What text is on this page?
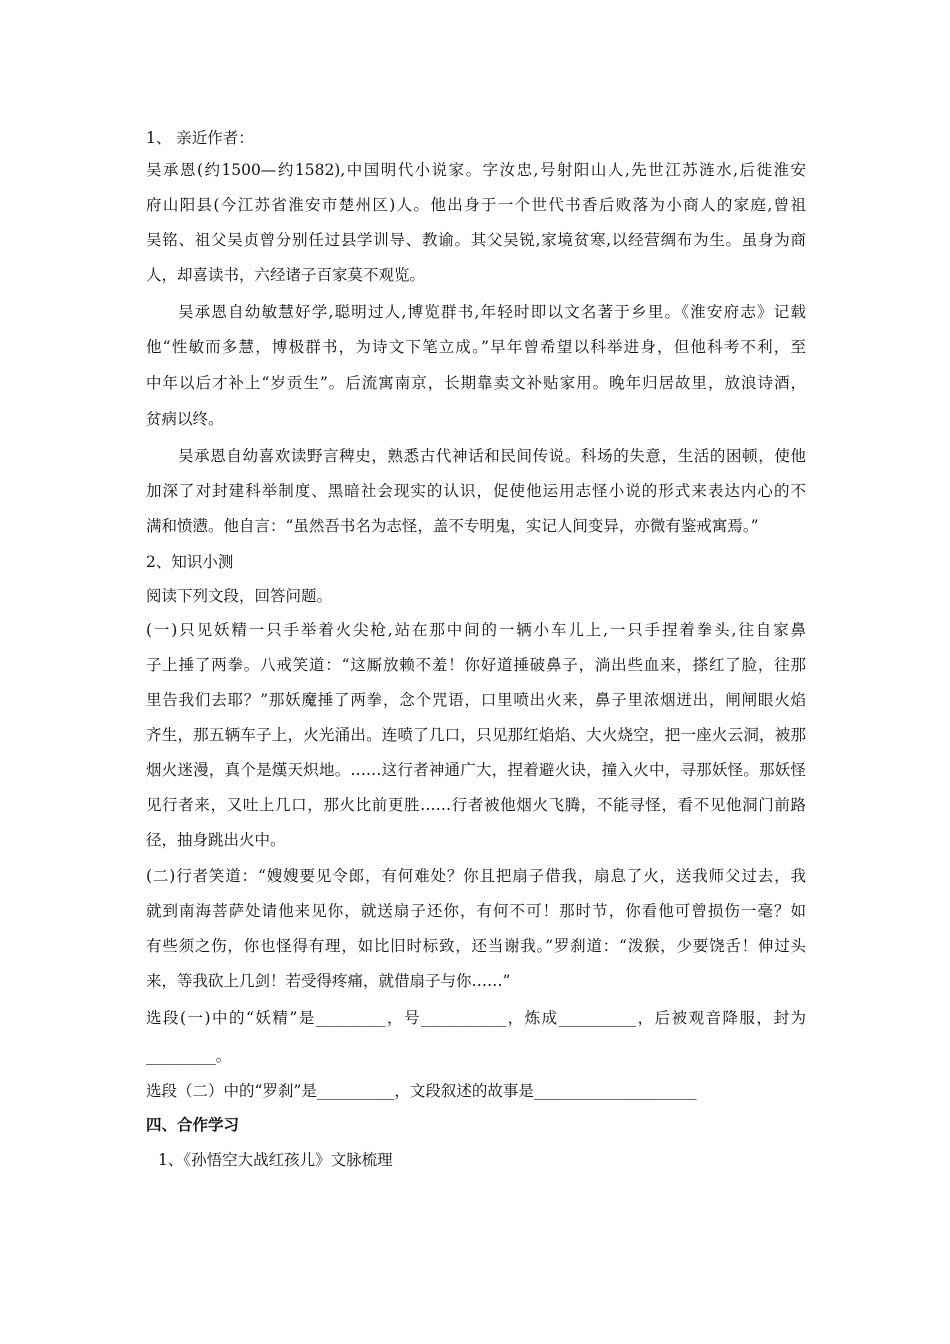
1、 亲近作者：
吴承恩(约1500—约1582),中国明代小说家。字汝忠,号射阳山人,先世江苏涟水,后徙淮安
府山阳县(今江苏省淮安市楚州区)人。他出身于一个世代书香后败落为小商人的家庭,曾祖
吴铭、祖父吴贞曾分别任过县学训导、教谕。其父吴锐,家境贫寒,以经营绸布为生。虽身为商
人，却喜读书，六经诸子百家莫不观览。
吴承恩自幼敏慧好学,聪明过人,博览群书,年轻时即以文名著于乡里。《淮安府志》记载
他“性敏而多慧，博极群书，为诗文下笔立成。”早年曾希望以科举进身，但他科考不利，至
中年以后才补上“岁贡生”。后流寓南京，长期靠卖文补贴家用。晚年归居故里，放浪诗酒，
贫病以终。
吴承恩自幼喜欢读野言稗史，熟悉古代神话和民间传说。科场的失意，生活的困顿，使他
加深了对封建科举制度、黑暗社会现实的认识，促使他运用志怪小说的形式来表达内心的不
满和愤懑。他自言：“虽然吾书名为志怪，盖不专明鬼，实记人间变异，亦微有鉴戒寓焉。”
2、知识小测
阅读下列文段，回答问题。
(一)只见妖精一只手举着火尖枪,站在那中间的一辆小车儿上,一只手捏着拳头,往自家鼻
子上捶了两拳。八戒笑道：“这厮放赖不羞！你好道捶破鼻子，淌出些血来，搽红了脸，往那
里告我们去耶？”那妖魔捶了两拳，念个咒语，口里喷出火来，鼻子里浓烟迸出，闸闸眼火焰
齐生，那五辆车子上，火光涌出。连喷了几口，只见那红焰焰、大火烧空，把一座火云洞，被那
烟火迷漫，真个是熯天炽地。……这行者神通广大，捏着避火诀，撞入火中，寻那妖怪。那妖怪
见行者来，又吐上几口，那火比前更胜……行者被他烟火飞腾，不能寻怪，看不见他洞门前路
径，抽身跳出火中。
(二)行者笑道：“嫂嫂要见令郎，有何难处？你且把扇子借我，扇息了火，送我师父过去，我
就到南海菩萨处请他来见你，就送扇子还你，有何不可！那时节，你看他可曾损伤一毫？如
有些须之伤，你也怪得有理，如比旧时标致，还当谢我。”罗刹道：“泼猴，少要饶舌！伸过头
来，等我砍上几剑！若受得疼痛，就借扇子与你……”
选段(一)中的“妖精”是_________，号___________，炼成__________，后被观音降服，封为
_________。
选段（二）中的“罗刹”是__________，文段叙述的故事是_____________________
四、合作学习
1、《孙悟空大战红孩儿》文脉梳理
